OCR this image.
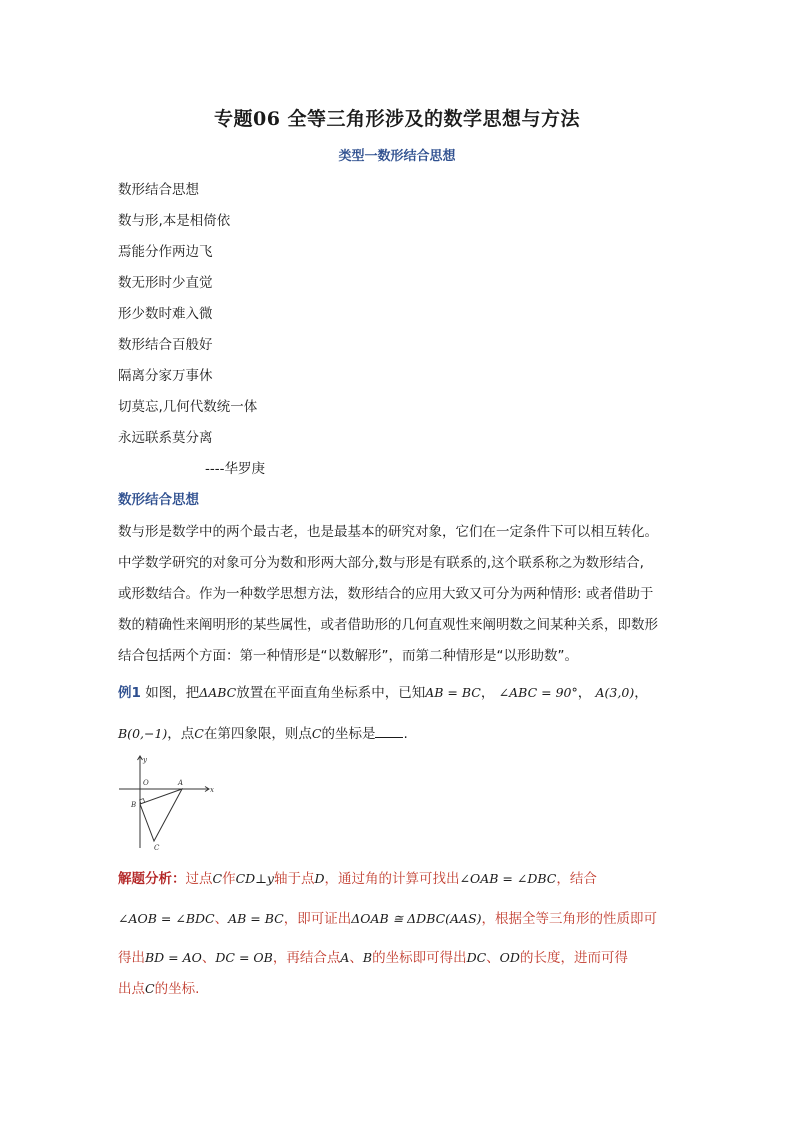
专题06 全等三角形涉及的数学思想与方法
类型一数形结合思想
数形结合思想
数与形,本是相倚依
焉能分作两边飞
数无形时少直觉
形少数时难入微
数形结合百般好
隔离分家万事休
切莫忘,几何代数统一体
永远联系莫分离
----华罗庚
数形结合思想
数与形是数学中的两个最古老，也是最基本的研究对象，它们在一定条件下可以相互转化。
中学数学研究的对象可分为数和形两大部分,数与形是有联系的,这个联系称之为数形结合,
或形数结合。作为一种数学思想方法，数形结合的应用大致又可分为两种情形: 或者借助于
数的精确性来阐明形的某些属性，或者借助形的几何直观性来阐明数之间某种关系，即数形
结合包括两个方面：第一种情形是“以数解形”，而第二种情形是“以形助数”。
例1 如图，把ΔABC放置在平面直角坐标系中，已知AB = BC， ∠ABC = 90°， A(3,0)，
B(0,−1)，点C在第四象限，则点C的坐标是 .
y
x
O	A
B
C
解题分析：过点C作CD⊥y轴于点D，通过角的计算可找出∠OAB = ∠DBC，结合
∠AOB = ∠BDC、AB = BC，即可证出ΔOAB ≅ ΔDBC(AAS)，根据全等三角形的性质即可
得出BD = AO、DC = OB，再结合点A、B的坐标即可得出DC、OD的长度，进而可得
出点C的坐标.
